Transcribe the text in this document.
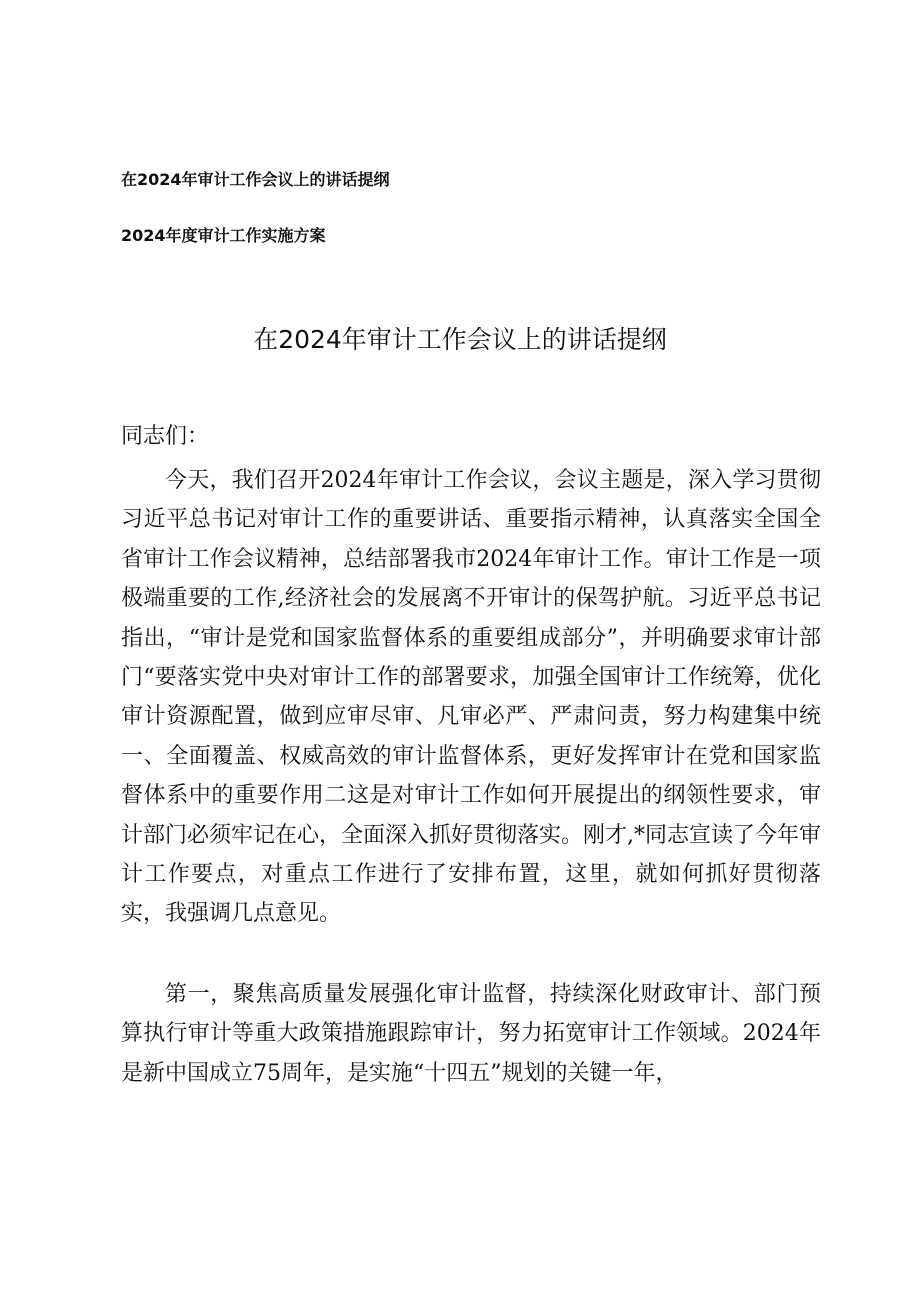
在2024年审计工作会议上的讲话提纲
2024年度审计工作实施方案
在2024年审计工作会议上的讲话提纲
同志们：

今天，我们召开2024年审计工作会议，会议主题是，深入学习贯彻习近平总书记对审计工作的重要讲话、重要指示精神，认真落实全国全省审计工作会议精神，总结部署我市2024年审计工作。审计工作是一项极端重要的工作,经济社会的发展离不开审计的保驾护航。习近平总书记指出，“审计是党和国家监督体系的重要组成部分”，并明确要求审计部门“要落实党中央对审计工作的部署要求，加强全国审计工作统筹，优化审计资源配置，做到应审尽审、凡审必严、严肃问责，努力构建集中统一、全面覆盖、权威高效的审计监督体系，更好发挥审计在党和国家监督体系中的重要作用二这是对审计工作如何开展提出的纲领性要求，审计部门必须牢记在心，全面深入抓好贯彻落实。刚才,*同志宣读了今年审计工作要点，对重点工作进行了安排布置，这里，就如何抓好贯彻落实，我强调几点意见。

第一，聚焦高质量发展强化审计监督，持续深化财政审计、部门预算执行审计等重大政策措施跟踪审计，努力拓宽审计工作领域。2024年是新中国成立75周年，是实施“十四五”规划的关键一年，
